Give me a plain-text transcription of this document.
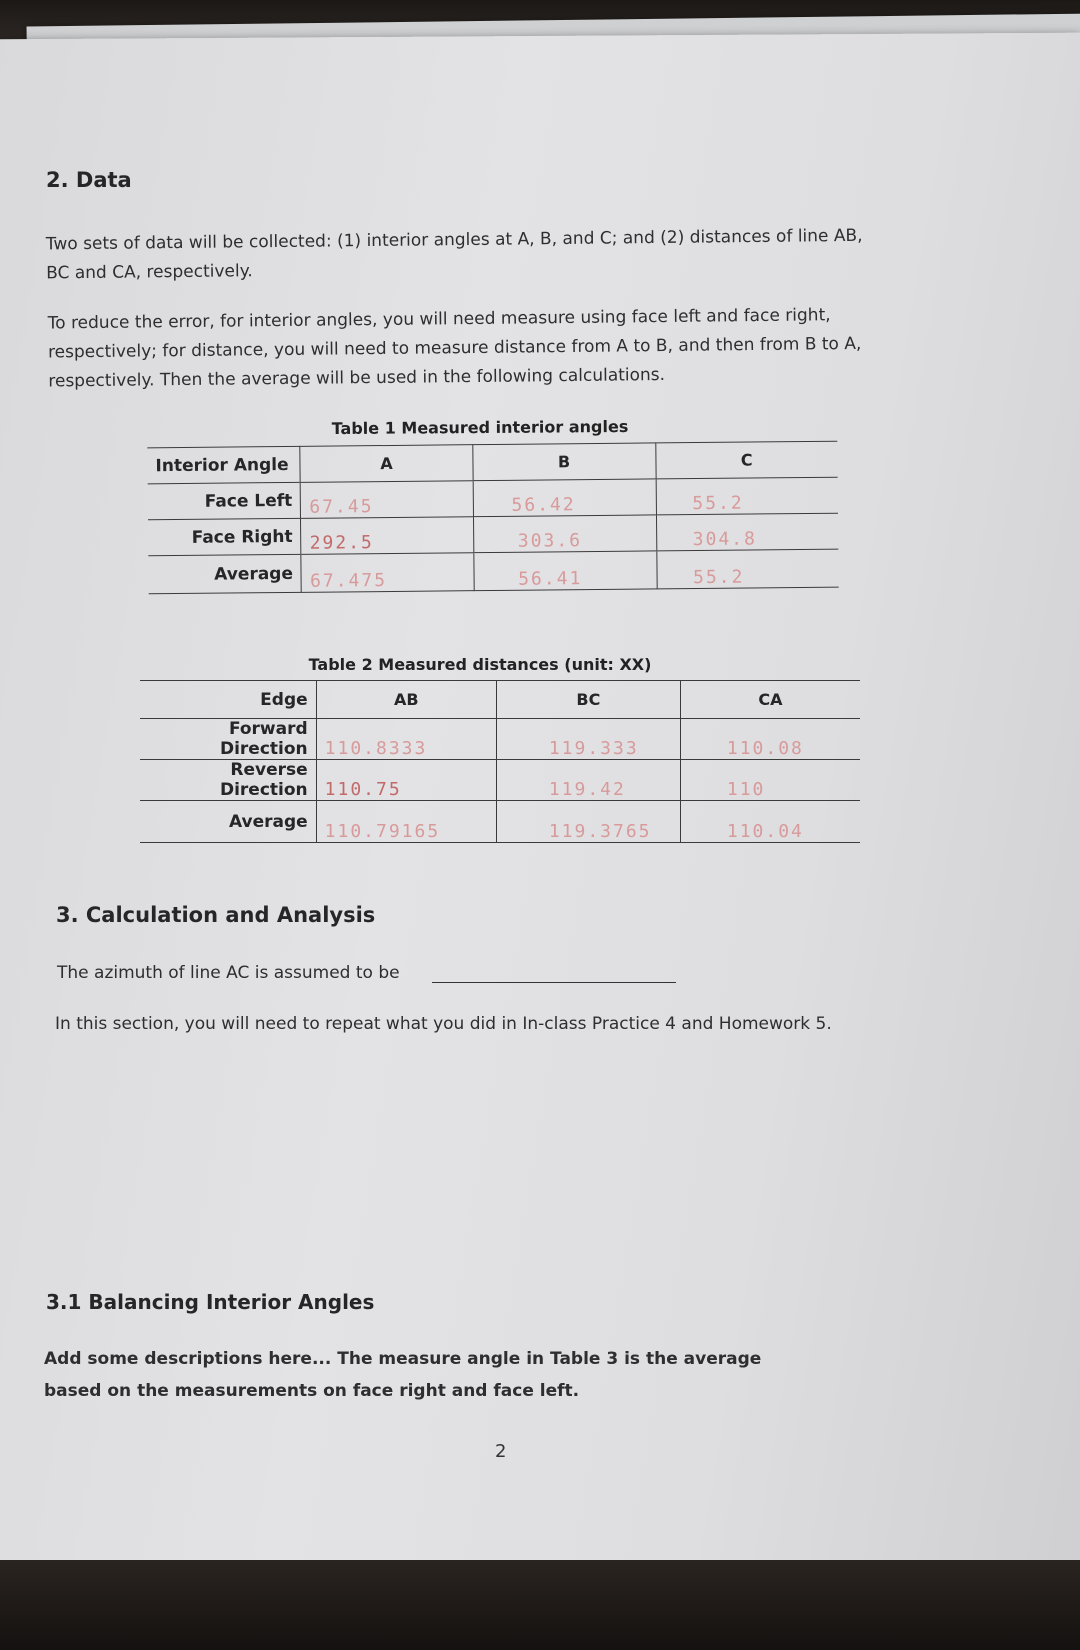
2. Data

Two sets of data will be collected: (1) interior angles at A, B, and C; and (2) distances of line AB, BC and CA, respectively.

To reduce the error, for interior angles, you will need measure using face left and face right, respectively; for distance, you will need to measure distance from A to B, and then from B to A, respectively. Then the average will be used in the following calculations.

Table 1 Measured interior angles
Interior Angle	A	B	C
Face Left	67.45	56.42	55.2
Face Right	292.5	303.6	304.8
Average	67.475	56.41	55.2
Table 2 Measured distances (unit: XX)
Edge	AB	BC	CA
Forward Direction	110.8333	119.333	110.08
Reverse Direction	110.75	119.42	110
Average	110.79165	119.3765	110.04
3. Calculation and Analysis

The azimuth of line AC is assumed to be

In this section, you will need to repeat what you did in In-class Practice 4 and Homework 5.

3.1 Balancing Interior Angles

Add some descriptions here... The measure angle in Table 3 is the average based on the measurements on face right and face left.

2
